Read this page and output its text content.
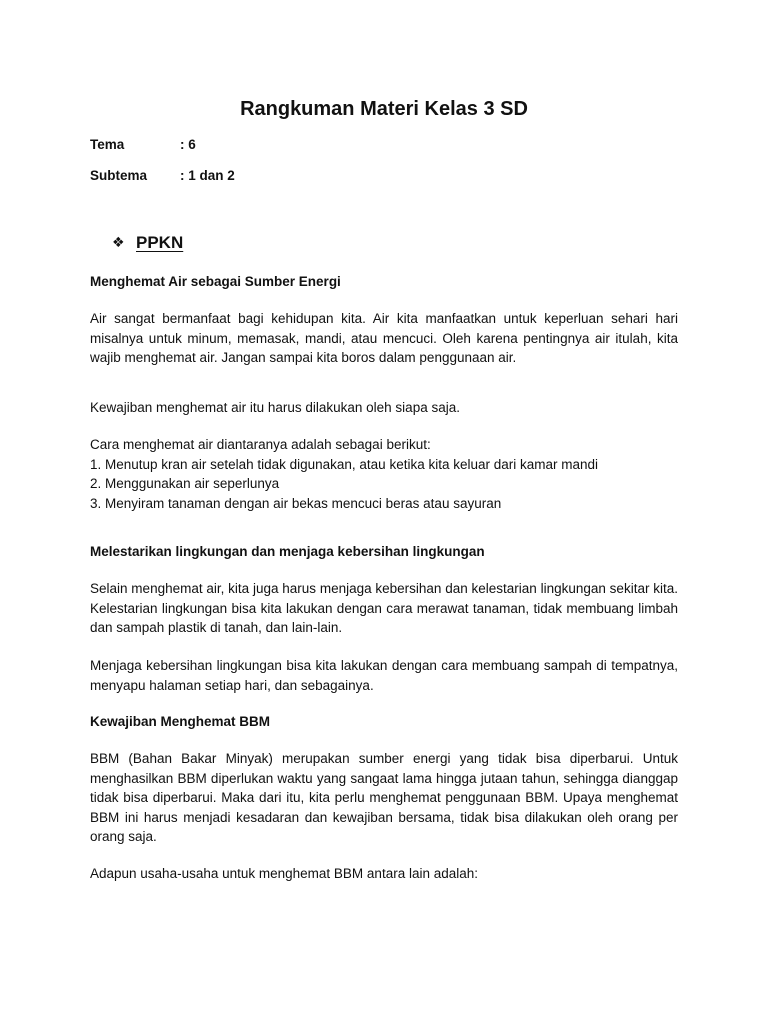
Rangkuman Materi Kelas 3 SD
Tema	: 6
Subtema : 1 dan 2
❖ PPKN
Menghemat Air sebagai Sumber Energi
Air sangat bermanfaat bagi kehidupan kita. Air kita manfaatkan untuk keperluan sehari hari misalnya untuk minum, memasak, mandi, atau mencuci. Oleh karena pentingnya air itulah, kita wajib menghemat air. Jangan sampai kita boros dalam penggunaan air.
Kewajiban menghemat air itu harus dilakukan oleh siapa saja.
Cara menghemat air diantaranya adalah sebagai berikut:
1. Menutup kran air setelah tidak digunakan, atau ketika kita keluar dari kamar mandi
2. Menggunakan air seperlunya
3. Menyiram tanaman dengan air bekas mencuci beras atau sayuran
Melestarikan lingkungan dan menjaga kebersihan lingkungan
Selain menghemat air, kita juga harus menjaga kebersihan dan kelestarian lingkungan sekitar kita. Kelestarian lingkungan bisa kita lakukan dengan cara merawat tanaman, tidak membuang limbah dan sampah plastik di tanah, dan lain-lain.
Menjaga kebersihan lingkungan bisa kita lakukan dengan cara membuang sampah di tempatnya, menyapu halaman setiap hari, dan sebagainya.
Kewajiban Menghemat BBM
BBM (Bahan Bakar Minyak) merupakan sumber energi yang tidak bisa diperbarui. Untuk menghasilkan BBM diperlukan waktu yang sangaat lama hingga jutaan tahun, sehingga dianggap tidak bisa diperbarui. Maka dari itu, kita perlu menghemat penggunaan BBM. Upaya menghemat BBM ini harus menjadi kesadaran dan kewajiban bersama, tidak bisa dilakukan oleh orang per orang saja.
Adapun usaha-usaha untuk menghemat BBM antara lain adalah:
